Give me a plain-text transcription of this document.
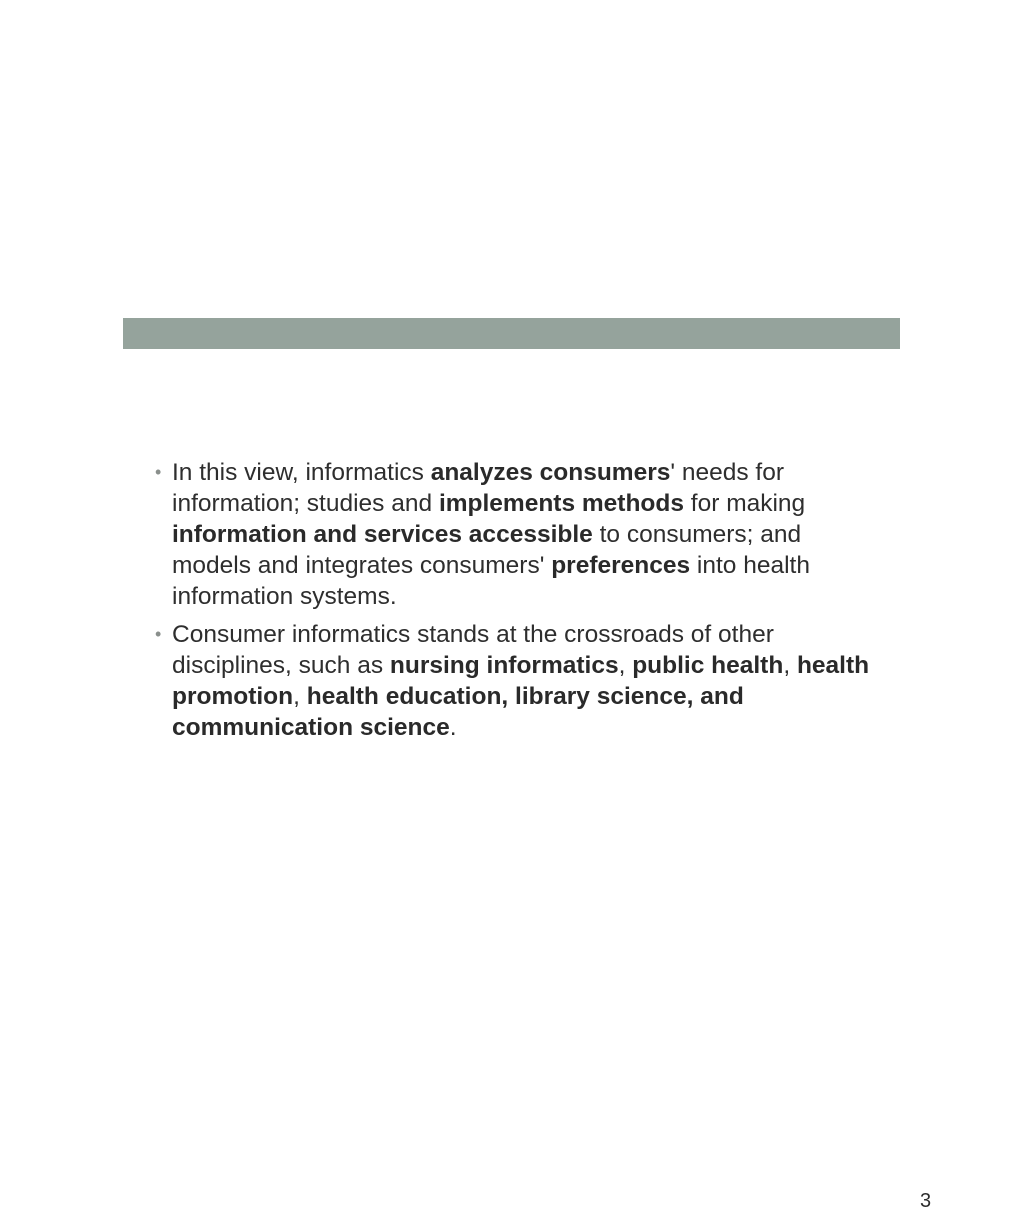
• In this view, informatics analyzes consumers' needs for information; studies and implements methods for making information and services accessible to consumers; and models and integrates consumers' preferences into health information systems.
• Consumer informatics stands at the crossroads of other disciplines, such as nursing informatics, public health, health promotion, health education, library science, and communication science.
3
